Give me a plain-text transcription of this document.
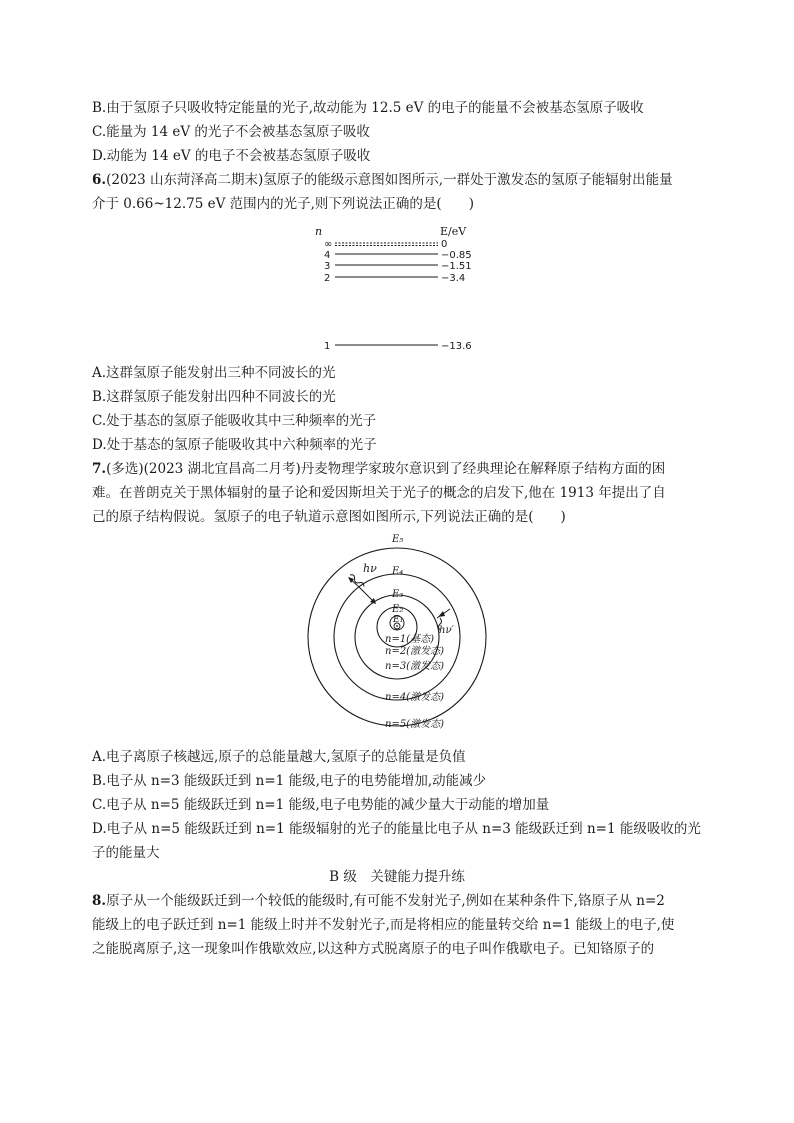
B.由于氢原子只吸收特定能量的光子,故动能为 12.5 eV 的电子的能量不会被基态氢原子吸收
C.能量为 14 eV 的光子不会被基态氢原子吸收
D.动能为 14 eV 的电子不会被基态氢原子吸收
6.(2023 山东菏泽高二期末)氢原子的能级示意图如图所示,一群处于激发态的氢原子能辐射出能量
介于 0.66~12.75 eV 范围内的光子,则下列说法正确的是(　　)
n	E/eV
∞	0
4	−0.85
3	−1.51
2	−3.4
1	−13.6
A.这群氢原子能发射出三种不同波长的光
B.这群氢原子能发射出四种不同波长的光
C.处于基态的氢原子能吸收其中三种频率的光子
D.处于基态的氢原子能吸收其中六种频率的光子
7.(多选)(2023 湖北宜昌高二月考)丹麦物理学家玻尔意识到了经典理论在解释原子结构方面的困
难。在普朗克关于黑体辐射的量子论和爱因斯坦关于光子的概念的启发下,他在 1913 年提出了自
己的原子结构假说。氢原子的电子轨道示意图如图所示,下列说法正确的是(　　)
hν
hν′
E₅
E₄
E₃
E₂
E₁
n=1(基态)
n=2(激发态)
n=3(激发态)
n=4(激发态)
n=5(激发态)
A.电子离原子核越远,原子的总能量越大,氢原子的总能量是负值
B.电子从 n=3 能级跃迁到 n=1 能级,电子的电势能增加,动能减少
C.电子从 n=5 能级跃迁到 n=1 能级,电子电势能的减少量大于动能的增加量
D.电子从 n=5 能级跃迁到 n=1 能级辐射的光子的能量比电子从 n=3 能级跃迁到 n=1 能级吸收的光
子的能量大
B 级　关键能力提升练
8.原子从一个能级跃迁到一个较低的能级时,有可能不发射光子,例如在某种条件下,铬原子从 n=2
能级上的电子跃迁到 n=1 能级上时并不发射光子,而是将相应的能量转交给 n=1 能级上的电子,使
之能脱离原子,这一现象叫作俄歇效应,以这种方式脱离原子的电子叫作俄歇电子。已知铬原子的
